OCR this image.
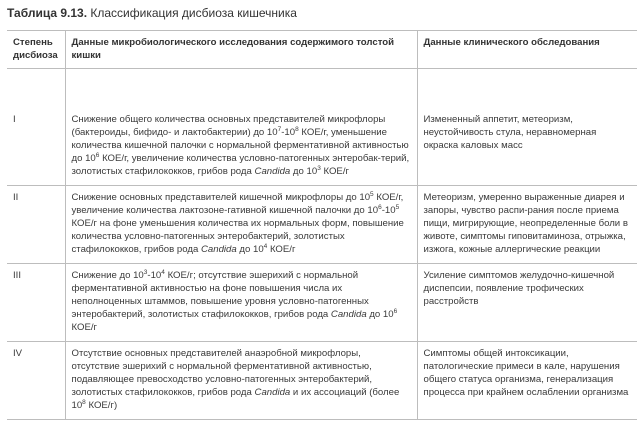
Таблица 9.13. Классификация дисбиоза кишечника
Степень дисбиоза	Данные микробиологического исследования содержимого толстой кишки	Данные клинического обследования
I	Снижение общего количества основных представителей микрофлоры (бактероиды, бифидо- и лактобактерии) до $10^7-10^8$ КОЕ/г, уменьшение количества кишечной палочки с нормальной ферментативной активностью до $10^6$ КОЕ/г, увеличение количества условно-патогенных энтеробак-терий, золотистых стафилококков, грибов рода Candida до $10^3$ КОЕ/г	Измененный аппетит, метеоризм, неустойчивость стула, неравномерная окраска каловых масс
II	Снижение основных представителей кишечной микрофлоры до $10^5$ КОЕ/г, увеличение количества лактозоне-гативной кишечной палочки до $10^6-10^5$ КОЕ/г на фоне уменьшения количества их нормальных форм, повышение количества условно-патогенных энтеробактерий, золотистых стафилококков, грибов рода Candida до $10^4$ КОЕ/г	Метеоризм, умеренно выраженные диарея и запоры, чувство распи-рания после приема пищи, мигрирующие, неопределенные боли в животе, симптомы гиповитаминоза, отрыжка, изжога, кожные аллергические реакции
III	Снижение до $10^3-10^4$ КОЕ/г; отсутствие эшерихий с нормальной ферментативной активностью на фоне повышения числа их неполноценных штаммов, повышение уровня условно-патогенных энтеробактерий, золотистых стафилококков, грибов рода Candida до $10^6$ КОЕ/г	Усиление симптомов желудочно-кишечной диспепсии, появление трофических расстройств
IV	Отсутствие основных представителей анаэробной микрофлоры, отсутствие эшерихий с нормальной ферментативной активностью, подавляющее превосходство условно-патогенных энтеробактерий, золотистых стафилококков, грибов рода Candida и их ассоциаций (более $10^8$ КОЕ/г)	Симптомы общей интоксикации, патологические примеси в кале, нарушения общего статуса организма, генерализация процесса при крайнем ослаблении организма
